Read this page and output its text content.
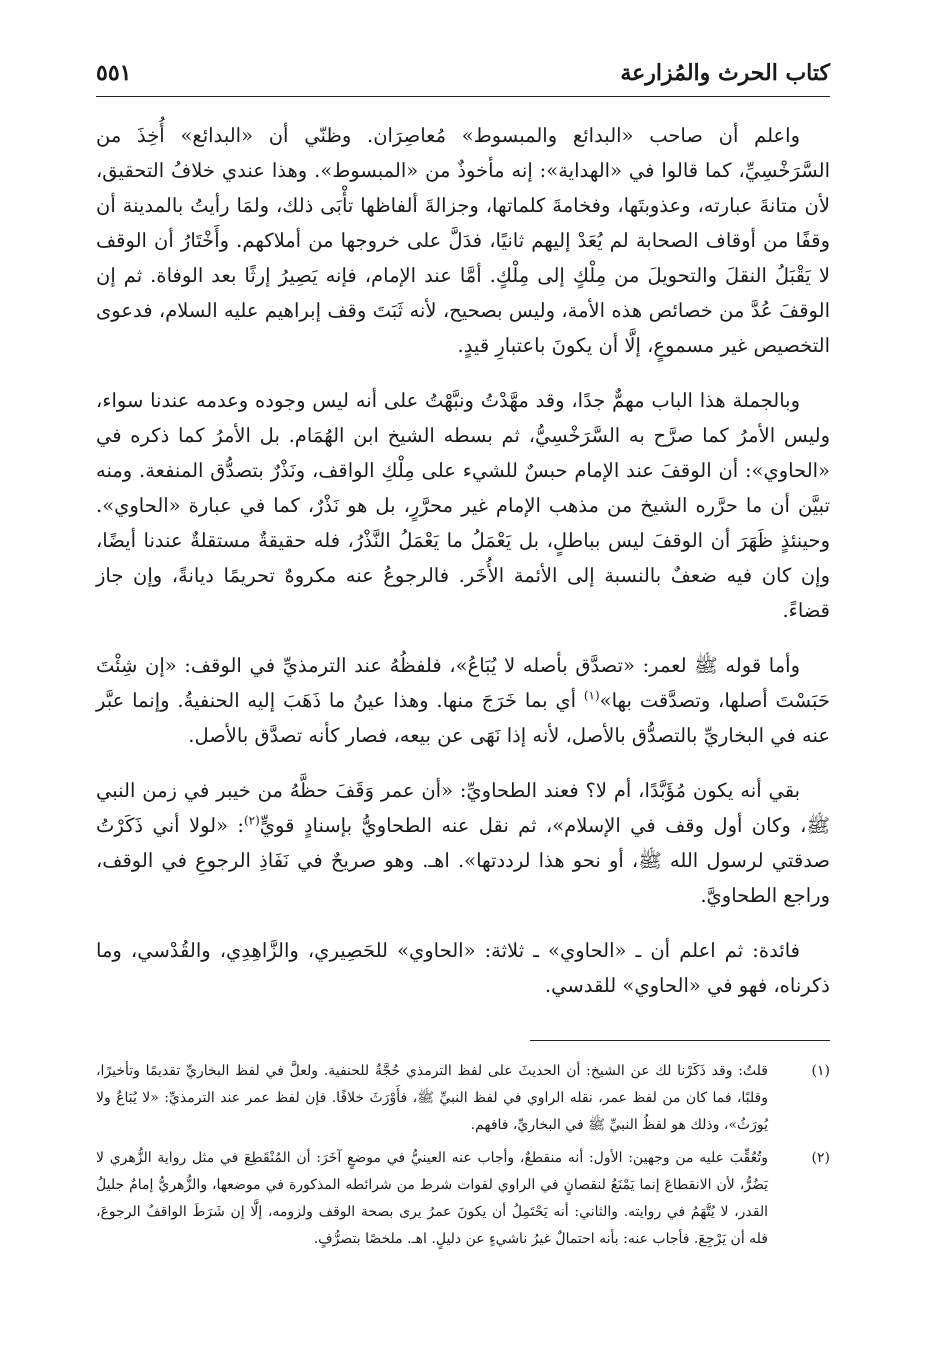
كتاب الحرث والمُزارعة
٥٥١

واعلم أن صاحب «البدائع والمبسوط» مُعاصِرَان. وظنّي أن «البدائع» أُخِذَ من السَّرَخْسِيِّ، كما قالوا في «الهداية»: إنه مأخوذٌ من «المبسوط». وهذا عندي خلافُ التحقيق، لأن متانةَ عبارته، وعذوبتَها، وفخامةَ كلماتها، وجزالةَ ألفاظها تأْبَى ذلك، ولمَا رأيتُ بالمدينة أن وقفًا من أوقاف الصحابة لم يُعَدْ إليهم ثانيًا، فدَلَّ على خروجها من أملاكهم. وأَخْتَارُ أن الوقف لا يَقْبَلُ النقلَ والتحويلَ من مِلْكٍ إلى مِلْكٍ. أمَّا عند الإمام، فإنه يَصِيرُ إرثًا بعد الوفاة. ثم إن الوقفَ عُدَّ من خصائص هذه الأمة، وليس بصحيح، لأنه ثَبَتَ وقف إبراهيم عليه السلام، فدعوى التخصيص غير مسموعٍ، إلَّا أن يكونَ باعتبارِ قيدٍ.

وبالجملة هذا الباب مهمٌّ جدًا، وقد مهَّدْتُ ونبَّهْتُ على أنه ليس وجوده وعدمه عندنا سواء، وليس الأمرُ كما صرَّح به السَّرَخْسِيُّ، ثم بسطه الشيخ ابن الهُمَام. بل الأمرُ كما ذكره في «الحاوي»: أن الوقفَ عند الإمام حبسٌ للشيء على مِلْكِ الواقف، ونَذْرٌ بتصدُّق المنفعة. ومنه تبيَّن أن ما حرَّره الشيخ من مذهب الإمام غير محرَّرٍ، بل هو نَذْرٌ، كما في عبارة «الحاوي». وحينئذٍ ظَهَرَ أن الوقفَ ليس بباطلٍ، بل يَعْمَلُ ما يَعْمَلُ النَّذْرُ، فله حقيقةٌ مستقلةٌ عندنا أيضًا، وإن كان فيه ضعفٌ بالنسبة إلى الأئمة الأُخَر. فالرجوعُ عنه مكروهٌ تحريمًا ديانةً، وإن جاز قضاءً.

وأما قوله ﷺ لعمر: «تصدَّق بأصله لا يُبَاعُ»، فلفظُهُ عند الترمذيِّ في الوقف: «إن شِئْتَ حَبَسْتَ أصلها، وتصدَّقت بها»$^{(١)}$ أي بما خَرَجَ منها. وهذا عينُ ما ذَهَبَ إليه الحنفيةُ. وإنما عبَّر عنه في البخاريِّ بالتصدُّق بالأصل، لأنه إذا نَهَى عن بيعه، فصار كأنه تصدَّق بالأصل.

بقي أنه يكون مُؤَبَّدًا، أم لا؟ فعند الطحاويِّ: «أن عمر وَقَفَ حظَّهُ من خيبر في زمن النبي ﷺ، وكان أول وقف في الإسلام»، ثم نقل عنه الطحاويُّ بإسنادٍ قويٍّ$^{(٢)}$: «لولا أني ذَكَرْتُ صدقتي لرسول الله ﷺ، أو نحو هذا لرددتها». اهـ. وهو صريحٌ في نَفَاذِ الرجوعِ في الوقف، وراجع الطحاويَّ.

فائدة: ثم اعلم أن ـ «الحاوي» ـ ثلاثة: «الحاوي» للحَصِيري، والزَّاهِدِي، والقُدْسي، وما ذكرناه، فهو في «الحاوي» للقدسي.

(١)
قلتُ: وقد ذَكَرْنا لك عن الشيخ: أن الحديثَ على لفظ الترمذي حُجَّةٌ للحنفية. ولعلَّ في لفظ البخاريِّ تقديمًا وتأخيرًا، وقلبًا، فما كان من لفظ عمر، نقله الراوي في لفظ النبيِّ ﷺ، فأَوْرَثَ خلافًا. فإن لفظ عمر عند الترمذيِّ: «لا يُبَاعُ ولا يُورَثُ»، وذلك هو لفظُ النبيِّ ﷺ في البخاريِّ، فافهم.
(٢)
وتُعُقِّبَ عليه من وجهين: الأول: أنه منقطعٌ، وأجاب عنه العينيُّ في موضعٍ آخَرَ: أن المُنْقَطِعَ في مثل رواية الزُّهري لا يَضُرُّ، لأن الانقطاعَ إنما يَمْنَعُ لنقصانٍ في الراوي لفوات شرط من شرائطه المذكورة في موضعها، والزُّهريُّ إمامٌ جليلُ القدر، لا يُتَّهَمُ في روايته. والثاني: أنه يَحْتَمِلُ أن يكونَ عمرُ يرى بصحة الوقف ولزومه، إلَّا إن شَرَطَ الواقفُ الرجوعَ، فله أن يَرْجِعَ. فأجاب عنه: بأنه احتمالٌ غيرُ ناشيءٍ عن دليلٍ. اهـ. ملخصًا بتصرُّفٍ.
